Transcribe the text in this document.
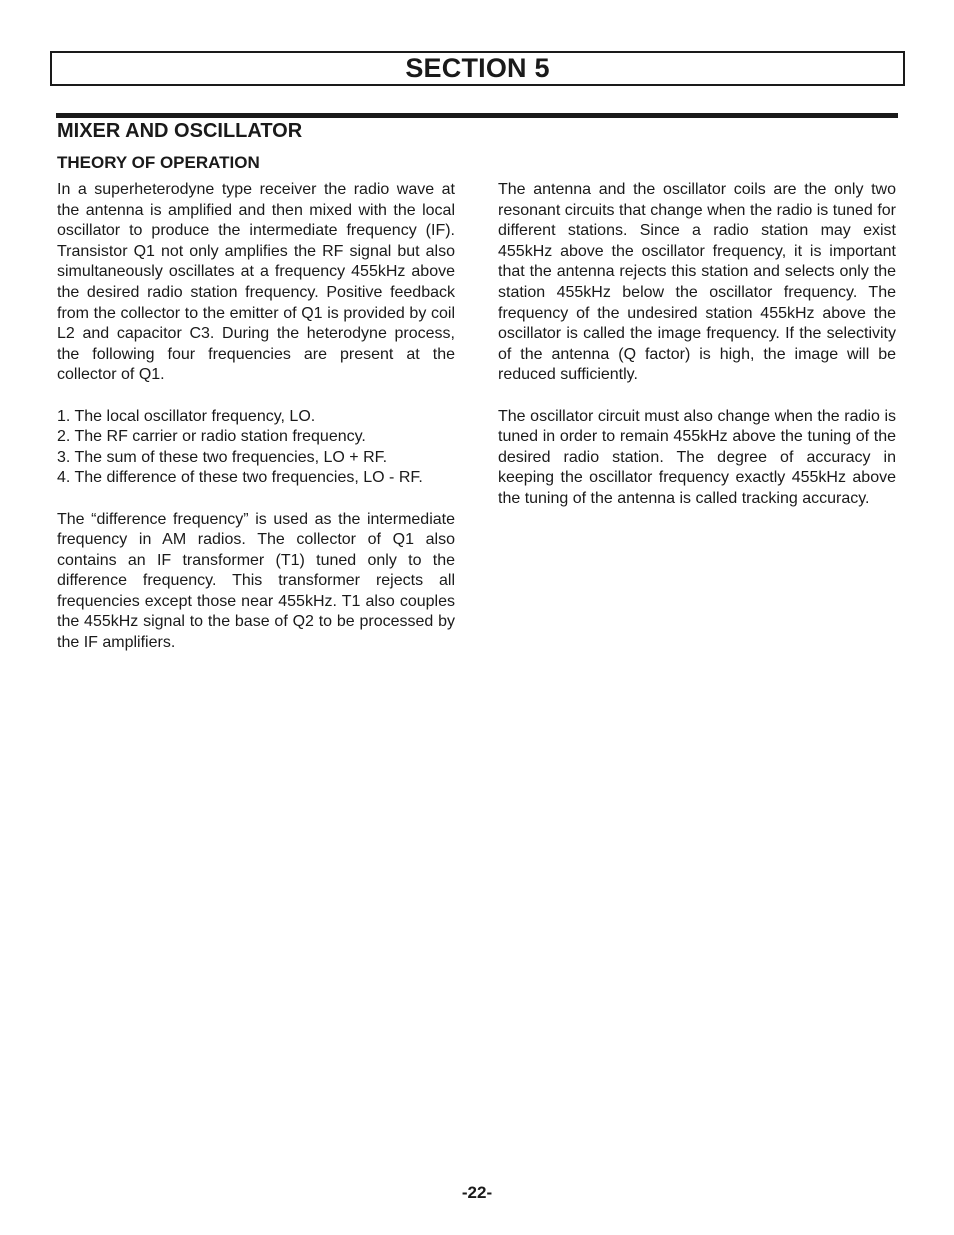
SECTION 5
MIXER AND OSCILLATOR
THEORY OF OPERATION

In a superheterodyne type receiver the radio wave at the antenna is amplified and then mixed with the local oscillator to produce the intermediate frequency (IF). Transistor Q1 not only amplifies the RF signal but also simultaneously oscillates at a frequency 455kHz above the desired radio station frequency. Positive feedback from the collector to the emitter of Q1 is provided by coil L2 and capacitor C3. During the heterodyne process, the following four frequencies are present at the collector of Q1.

1. The local oscillator frequency, LO.
2. The RF carrier or radio station frequency.
3. The sum of these two frequencies, LO + RF.
4. The difference of these two frequencies, LO - RF.

The “difference frequency” is used as the intermediate frequency in AM radios. The collector of Q1 also contains an IF transformer (T1) tuned only to the difference frequency. This transformer rejects all frequencies except those near 455kHz. T1 also couples the 455kHz signal to the base of Q2 to be processed by the IF amplifiers.

The antenna and the oscillator coils are the only two resonant circuits that change when the radio is tuned for different stations. Since a radio station may exist 455kHz above the oscillator frequency, it is important that the antenna rejects this station and selects only the station 455kHz below the oscillator frequency. The frequency of the undesired station 455kHz above the oscillator is called the image frequency. If the selectivity of the antenna (Q factor) is high, the image will be reduced sufficiently.

The oscillator circuit must also change when the radio is tuned in order to remain 455kHz above the tuning of the desired radio station. The degree of accuracy in keeping the oscillator frequency exactly 455kHz above the tuning of the antenna is called tracking accuracy.

-22-
